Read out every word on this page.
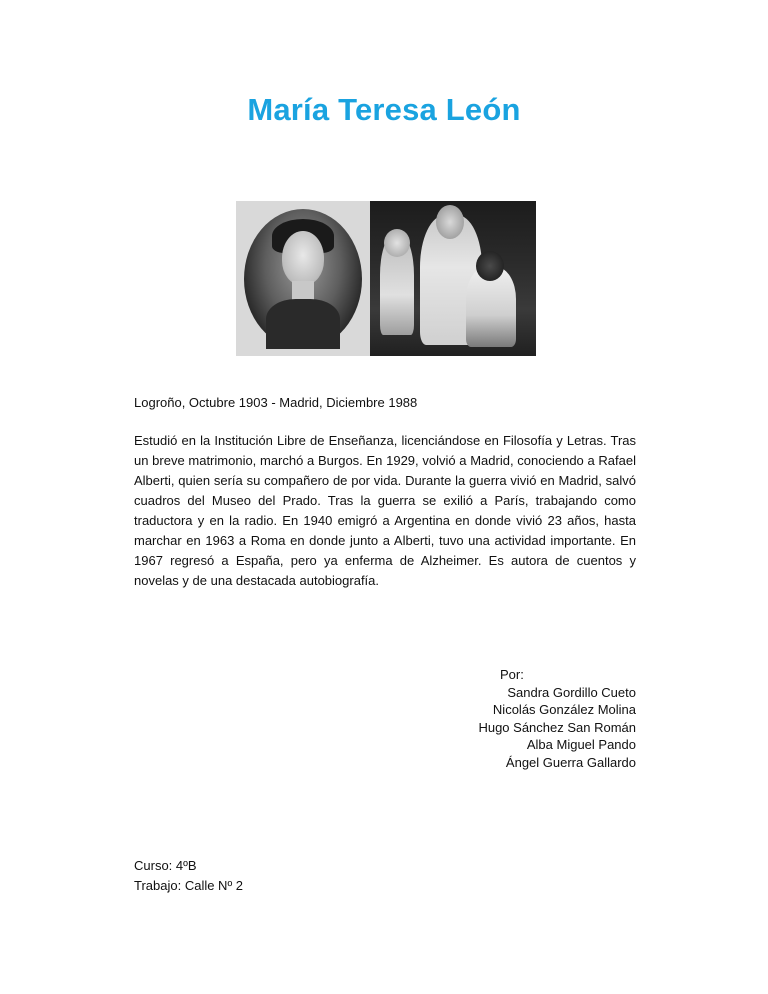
María Teresa León
Logroño, Octubre 1903 - Madrid, Diciembre 1988
Estudió en la Institución Libre de Enseñanza, licenciándose en Filosofía y Letras. Tras un breve matrimonio, marchó a Burgos. En 1929, volvió a Madrid, conociendo a Rafael Alberti, quien sería su compañero de por vida. Durante la guerra vivió en Madrid, salvó cuadros del Museo del Prado. Tras la guerra se exilió a París, trabajando como traductora y en la radio. En 1940 emigró a Argentina en donde vivió 23 años, hasta marchar en 1963 a Roma en donde junto a Alberti, tuvo una actividad importante. En 1967 regresó a España, pero ya enferma de Alzheimer. Es autora de cuentos y novelas y de una destacada autobiografía.
Por:
Sandra Gordillo Cueto
Nicolás González Molina
Hugo Sánchez San Román
Alba Miguel Pando
Ángel Guerra Gallardo
Curso: 4ºB
Trabajo: Calle Nº 2
